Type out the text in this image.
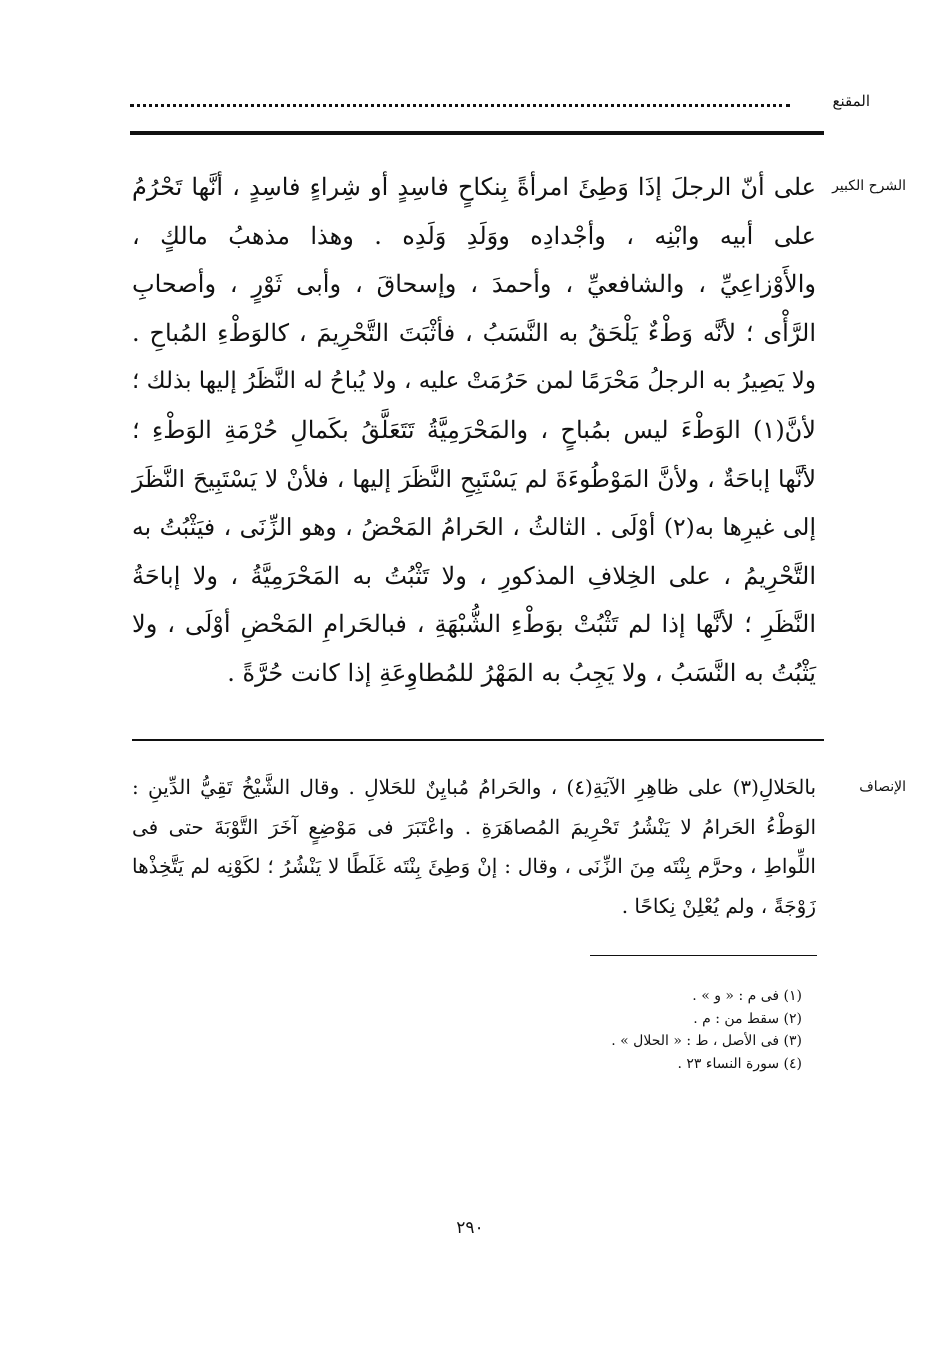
المقنع
الشرح الكبير
الإنصاف
على أنّ الرجلَ إذَا وَطِئَ امرأةً بِنكاحٍ فاسِدٍ أو شِراءٍ فاسِدٍ ، أنَّها تَحْرُمُ
على أبيه وابْنِه ، وأجْدادِه ووَلَدِ وَلَدِه . وهذا مذهبُ مالكٍ ،
والأَوْزاعِيِّ ، والشافعيِّ ، وأحمدَ ، وإسحاقَ ، وأبى ثَوْرٍ ، وأصحابِ
الرَّأْى ؛ لأنَّه وَطْءٌ يَلْحَقُ به النَّسَبُ ، فأثْبَتَ التَّحْرِيمَ ، كالوَطْءِ المُباحِ .
ولا يَصِيرُ به الرجلُ مَحْرَمًا لمن حَرُمَتْ عليه ، ولا يُباحُ له النَّظَرُ إليها بذلك ؛
لأنَّ(١) الوَطْءَ ليس بمُباحٍ ، والمَحْرَمِيَّةُ تَتَعَلَّقُ بكَمالِ حُرْمَةِ الوَطْءِ ؛
لأنَّها إباحَةٌ ، ولأنَّ المَوْطُوءَةَ لم يَسْتَبِحِ النَّظَرَ إليها ، فلأنْ لا يَسْتَبِيحَ النَّظَرَ
إلى غيرِها به(٢) أوْلَى . الثالثُ ، الحَرامُ المَحْضُ ، وهو الزِّنَى ، فيَثْبُتُ به
التَّحْرِيمُ ، على الخِلافِ المذكورِ ، ولا تَثْبُتُ به المَحْرَمِيَّةُ ، ولا إباحَةُ
النَّظَرِ ؛ لأنَّها إذا لم تَثْبُتْ بوَطْءِ الشُّبْهَةِ ، فبالحَرامِ المَحْضِ أوْلَى ، ولا
يَثْبُتُ به النَّسَبُ ، ولا يَجِبُ به المَهْرُ للمُطاوِعَةِ إذا كانت حُرَّةً .
بالحَلالِ(٣) على ظاهِرِ الآيَةِ(٤) ، والحَرامُ مُبايِنٌ للحَلالِ . وقال الشَّيْخُ تَقِيُّ الدِّينِ :
الوَطْءُ الحَرامُ لا يَنْشُرُ تَحْرِيمَ المُصاهَرَةِ . واعْتَبَرَ فى مَوْضِعٍ آخَرَ التَّوْبَةَ حتى فى
اللِّواطِ ، وحرَّم بِنْتَه مِنَ الزِّنَى ، وقال : إنْ وَطِئَ بِنْتَه غَلَطًا لا يَنْشُرُ ؛ لكَوْنِه لم يَتَّخِذْها
زَوْجَةً ، ولم يُعْلِنْ نِكاحًا .
(١) فى م : « و » .
(٢) سقط من : م .
(٣) فى الأصل ، ط : « الحلال » .
(٤) سورة النساء ٢٣ .
٢٩٠
